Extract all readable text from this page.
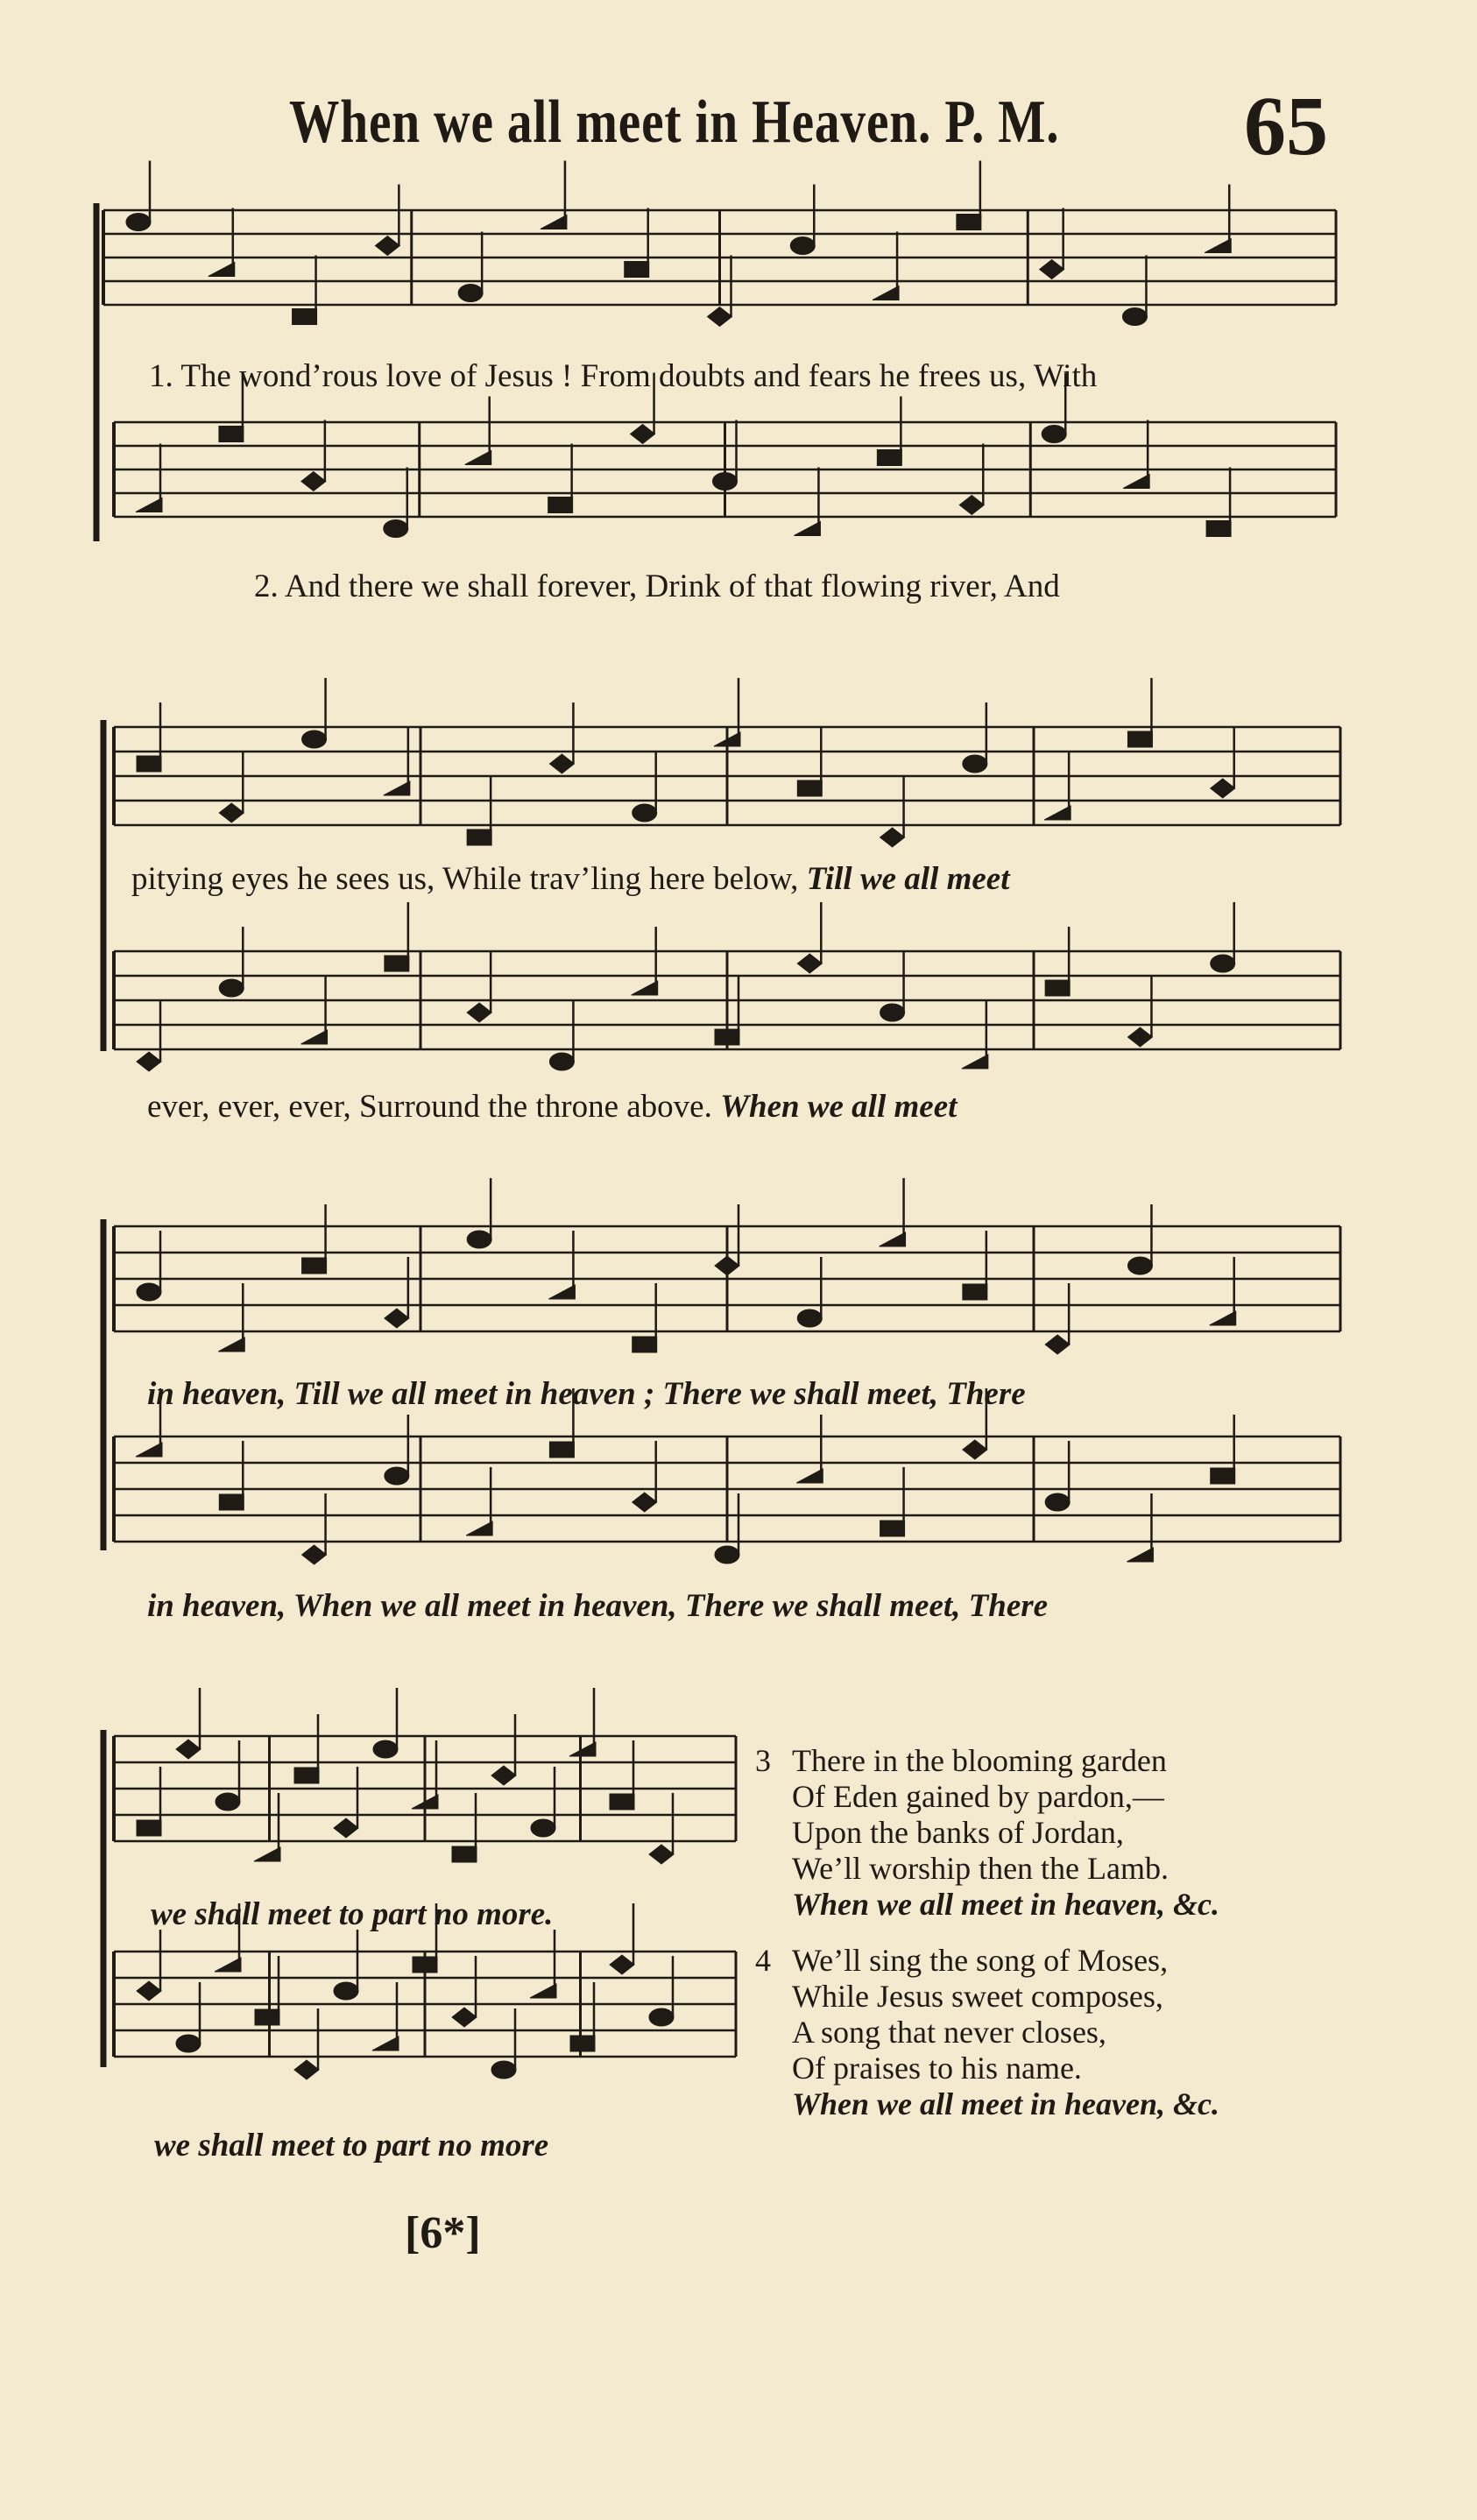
When we all meet in Heaven. P. M. 65
1. The wond’rous love of Jesus ! From doubts and fears he frees us, With
2. And there we shall forever, Drink of that flowing river, And
pitying eyes he sees us, While trav’ling here below, Till we all meet
ever, ever, ever, Surround the throne above. When we all meet
in heaven, Till we all meet in heaven ; There we shall meet, There
in heaven, When we all meet in heaven, There we shall meet, There
we shall meet to part no more.
we shall meet to part no more
3 There in the blooming garden
Of Eden gained by pardon,—
Upon the banks of Jordan,
We’ll worship then the Lamb.
When we all meet in heaven, &c.
4 We’ll sing the song of Moses,
While Jesus sweet composes,
A song that never closes,
Of praises to his name.
When we all meet in heaven, &c.
[6*]
